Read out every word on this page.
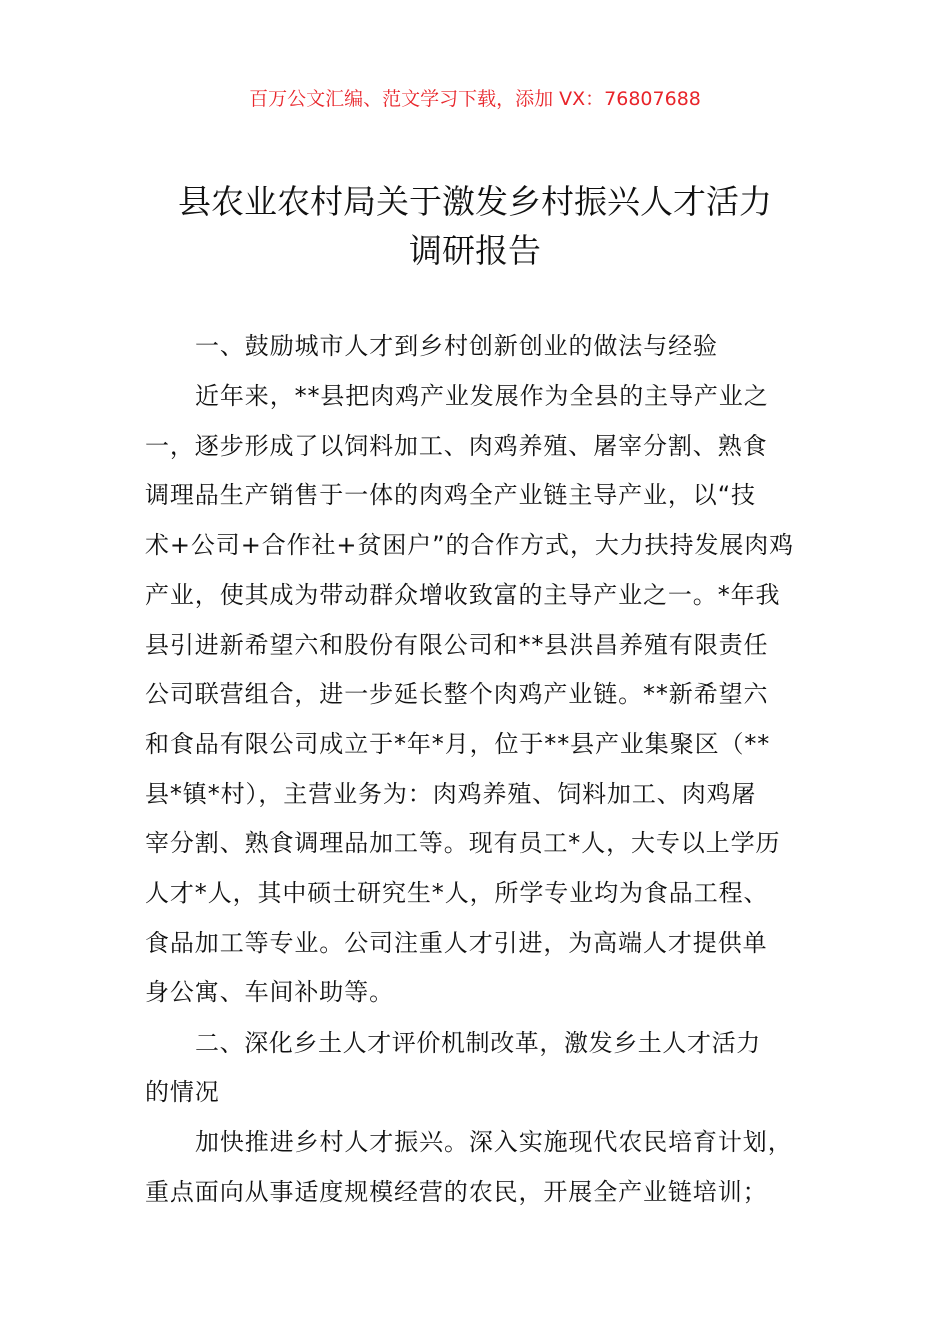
百万公文汇编、范文学习下载，添加 VX：76807688
县农业农村局关于激发乡村振兴人才活力
调研报告
一、鼓励城市人才到乡村创新创业的做法与经验
近年来，**县把肉鸡产业发展作为全县的主导产业之
一，逐步形成了以饲料加工、肉鸡养殖、屠宰分割、熟食
调理品生产销售于一体的肉鸡全产业链主导产业，以“技
术+公司+合作社+贫困户”的合作方式，大力扶持发展肉鸡
产业，使其成为带动群众增收致富的主导产业之一。*年我
县引进新希望六和股份有限公司和**县洪昌养殖有限责任
公司联营组合，进一步延长整个肉鸡产业链。**新希望六
和食品有限公司成立于*年*月，位于**县产业集聚区（**
县*镇*村），主营业务为：肉鸡养殖、饲料加工、肉鸡屠
宰分割、熟食调理品加工等。现有员工*人，大专以上学历
人才*人，其中硕士研究生*人，所学专业均为食品工程、
食品加工等专业。公司注重人才引进，为高端人才提供单
身公寓、车间补助等。
二、深化乡土人才评价机制改革，激发乡土人才活力
的情况
加快推进乡村人才振兴。深入实施现代农民培育计划，
重点面向从事适度规模经营的农民，开展全产业链培训；
